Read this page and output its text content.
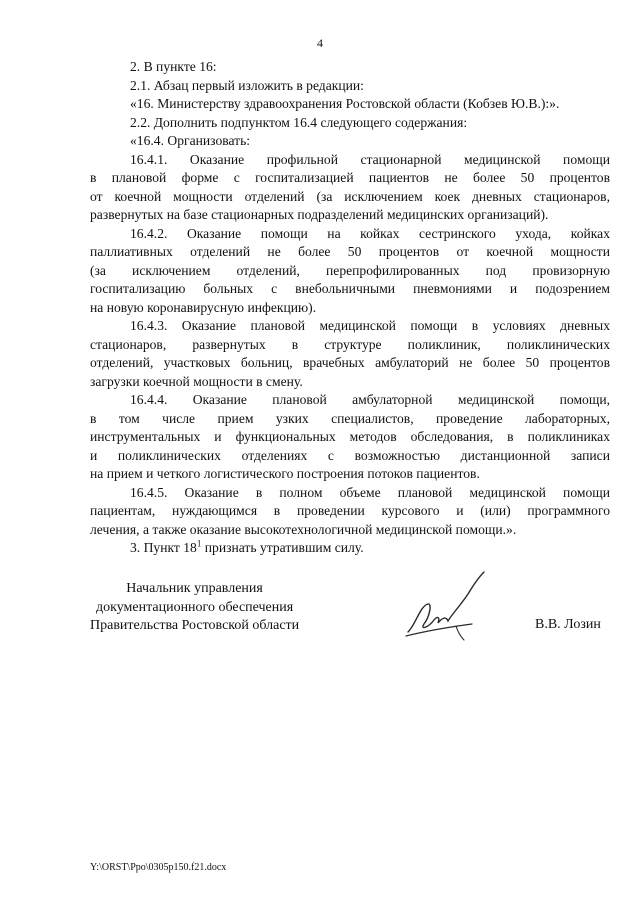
4
2. В пункте 16:
2.1. Абзац первый изложить в редакции:
«16. Министерству здравоохранения Ростовской области (Кобзев Ю.В.):».
2.2. Дополнить подпунктом 16.4 следующего содержания:
«16.4. Организовать:
16.4.1. Оказание профильной стационарной медицинской помощи
в плановой форме с госпитализацией пациентов не более 50 процентов
от коечной мощности отделений (за исключением коек дневных стационаров,
развернутых на базе стационарных подразделений медицинских организаций).
16.4.2. Оказание помощи на койках сестринского ухода, койках
паллиативных отделений не более 50 процентов от коечной мощности
(за исключением отделений, перепрофилированных под провизорную
госпитализацию больных с внебольничными пневмониями и подозрением
на новую коронавирусную инфекцию).
16.4.3. Оказание плановой медицинской помощи в условиях дневных
стационаров, развернутых в структуре поликлиник, поликлинических
отделений, участковых больниц, врачебных амбулаторий не более 50 процентов
загрузки коечной мощности в смену.
16.4.4. Оказание плановой амбулаторной медицинской помощи,
в том числе прием узких специалистов, проведение лабораторных,
инструментальных и функциональных методов обследования, в поликлиниках
и поликлинических отделениях с возможностью дистанционной записи
на прием и четкого логистического построения потоков пациентов.
16.4.5. Оказание в полном объеме плановой медицинской помощи
пациентам, нуждающимся в проведении курсового и (или) программного
лечения, а также оказание высокотехнологичной медицинской помощи.».
3. Пункт $18^1$ признать утратившим силу.
Начальник управления
документационного обеспечения
Правительства Ростовской области	В.В. Лозин
Y:\ORST\Ppo\0305p150.f21.docx
